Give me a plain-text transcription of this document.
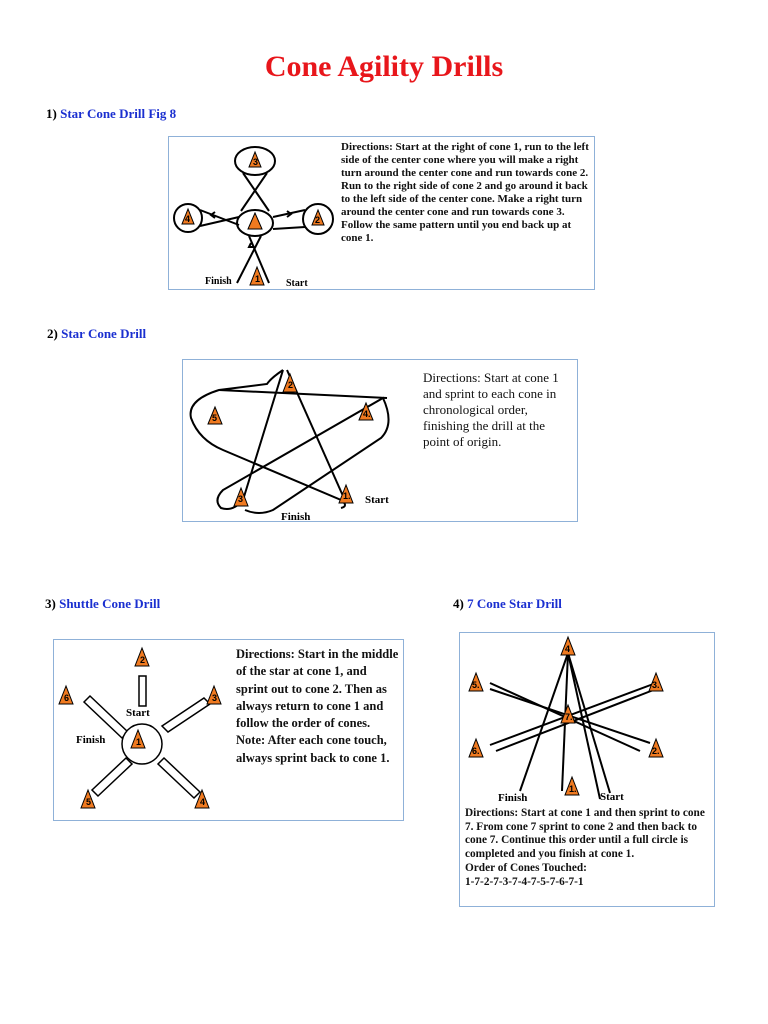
Cone Agility Drills
1) Star Cone Drill Fig 8
3
4	2
1
Finish	Start
Directions: Start at the right of cone 1, run to the left side of the center cone where you will make a right turn around the center cone and run towards cone 2. Run to the right side of cone 2 and go around it back to the left side of the center cone. Make a right turn around the center cone and run towards cone 3. Follow the same pattern until you end back up at cone 1.
2) Star Cone Drill
2
5	4.
3	1.
Finish
Start
Directions: Start at cone 1 and sprint to each cone in chronological order, finishing the drill at the point of origin.
3) Shuttle Cone Drill
2
6	3
1
5	4
Start
Finish
Directions: Start in the middle of the star at cone 1, and sprint out to cone 2. Then as always return to cone 1 and follow the order of cones. Note: After each cone touch, always sprint back to cone 1.
4) 7 Cone Star Drill
4
5.	3.
7.
6.	2.
1.
Finish	Start

Directions: Start at cone 1 and then sprint to cone 7. From cone 7 sprint to cone 2 and then back to cone 7. Continue this order until a full circle is completed and you finish at cone 1.

Order of Cones Touched:

1-7-2-7-3-7-4-7-5-7-6-7-1
